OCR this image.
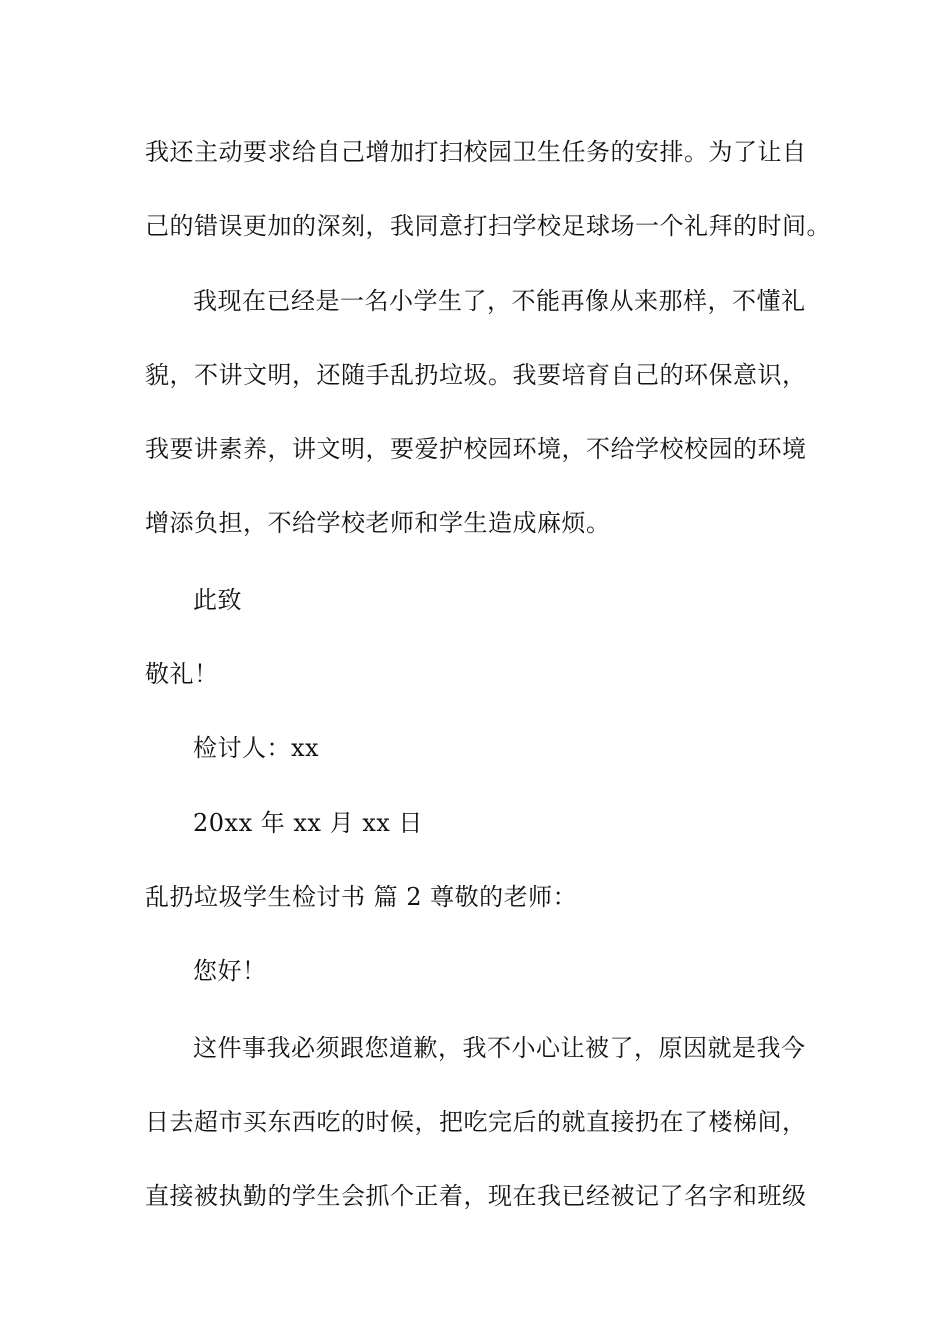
我还主动要求给自己增加打扫校园卫生任务的安排。为了让自
己的错误更加的深刻，我同意打扫学校足球场一个礼拜的时间。
我现在已经是一名小学生了，不能再像从来那样，不懂礼
貌，不讲文明，还随手乱扔垃圾。我要培育自己的环保意识，
我要讲素养，讲文明，要爱护校园环境，不给学校校园的环境
增添负担，不给学校老师和学生造成麻烦。
此致
敬礼！
检讨人：xx
20xx 年 xx 月 xx 日
乱扔垃圾学生检讨书 篇 2 尊敬的老师：
您好！
这件事我必须跟您道歉，我不小心让被了，原因就是我今
日去超市买东西吃的时候，把吃完后的就直接扔在了楼梯间，
直接被执勤的学生会抓个正着，现在我已经被记了名字和班级
